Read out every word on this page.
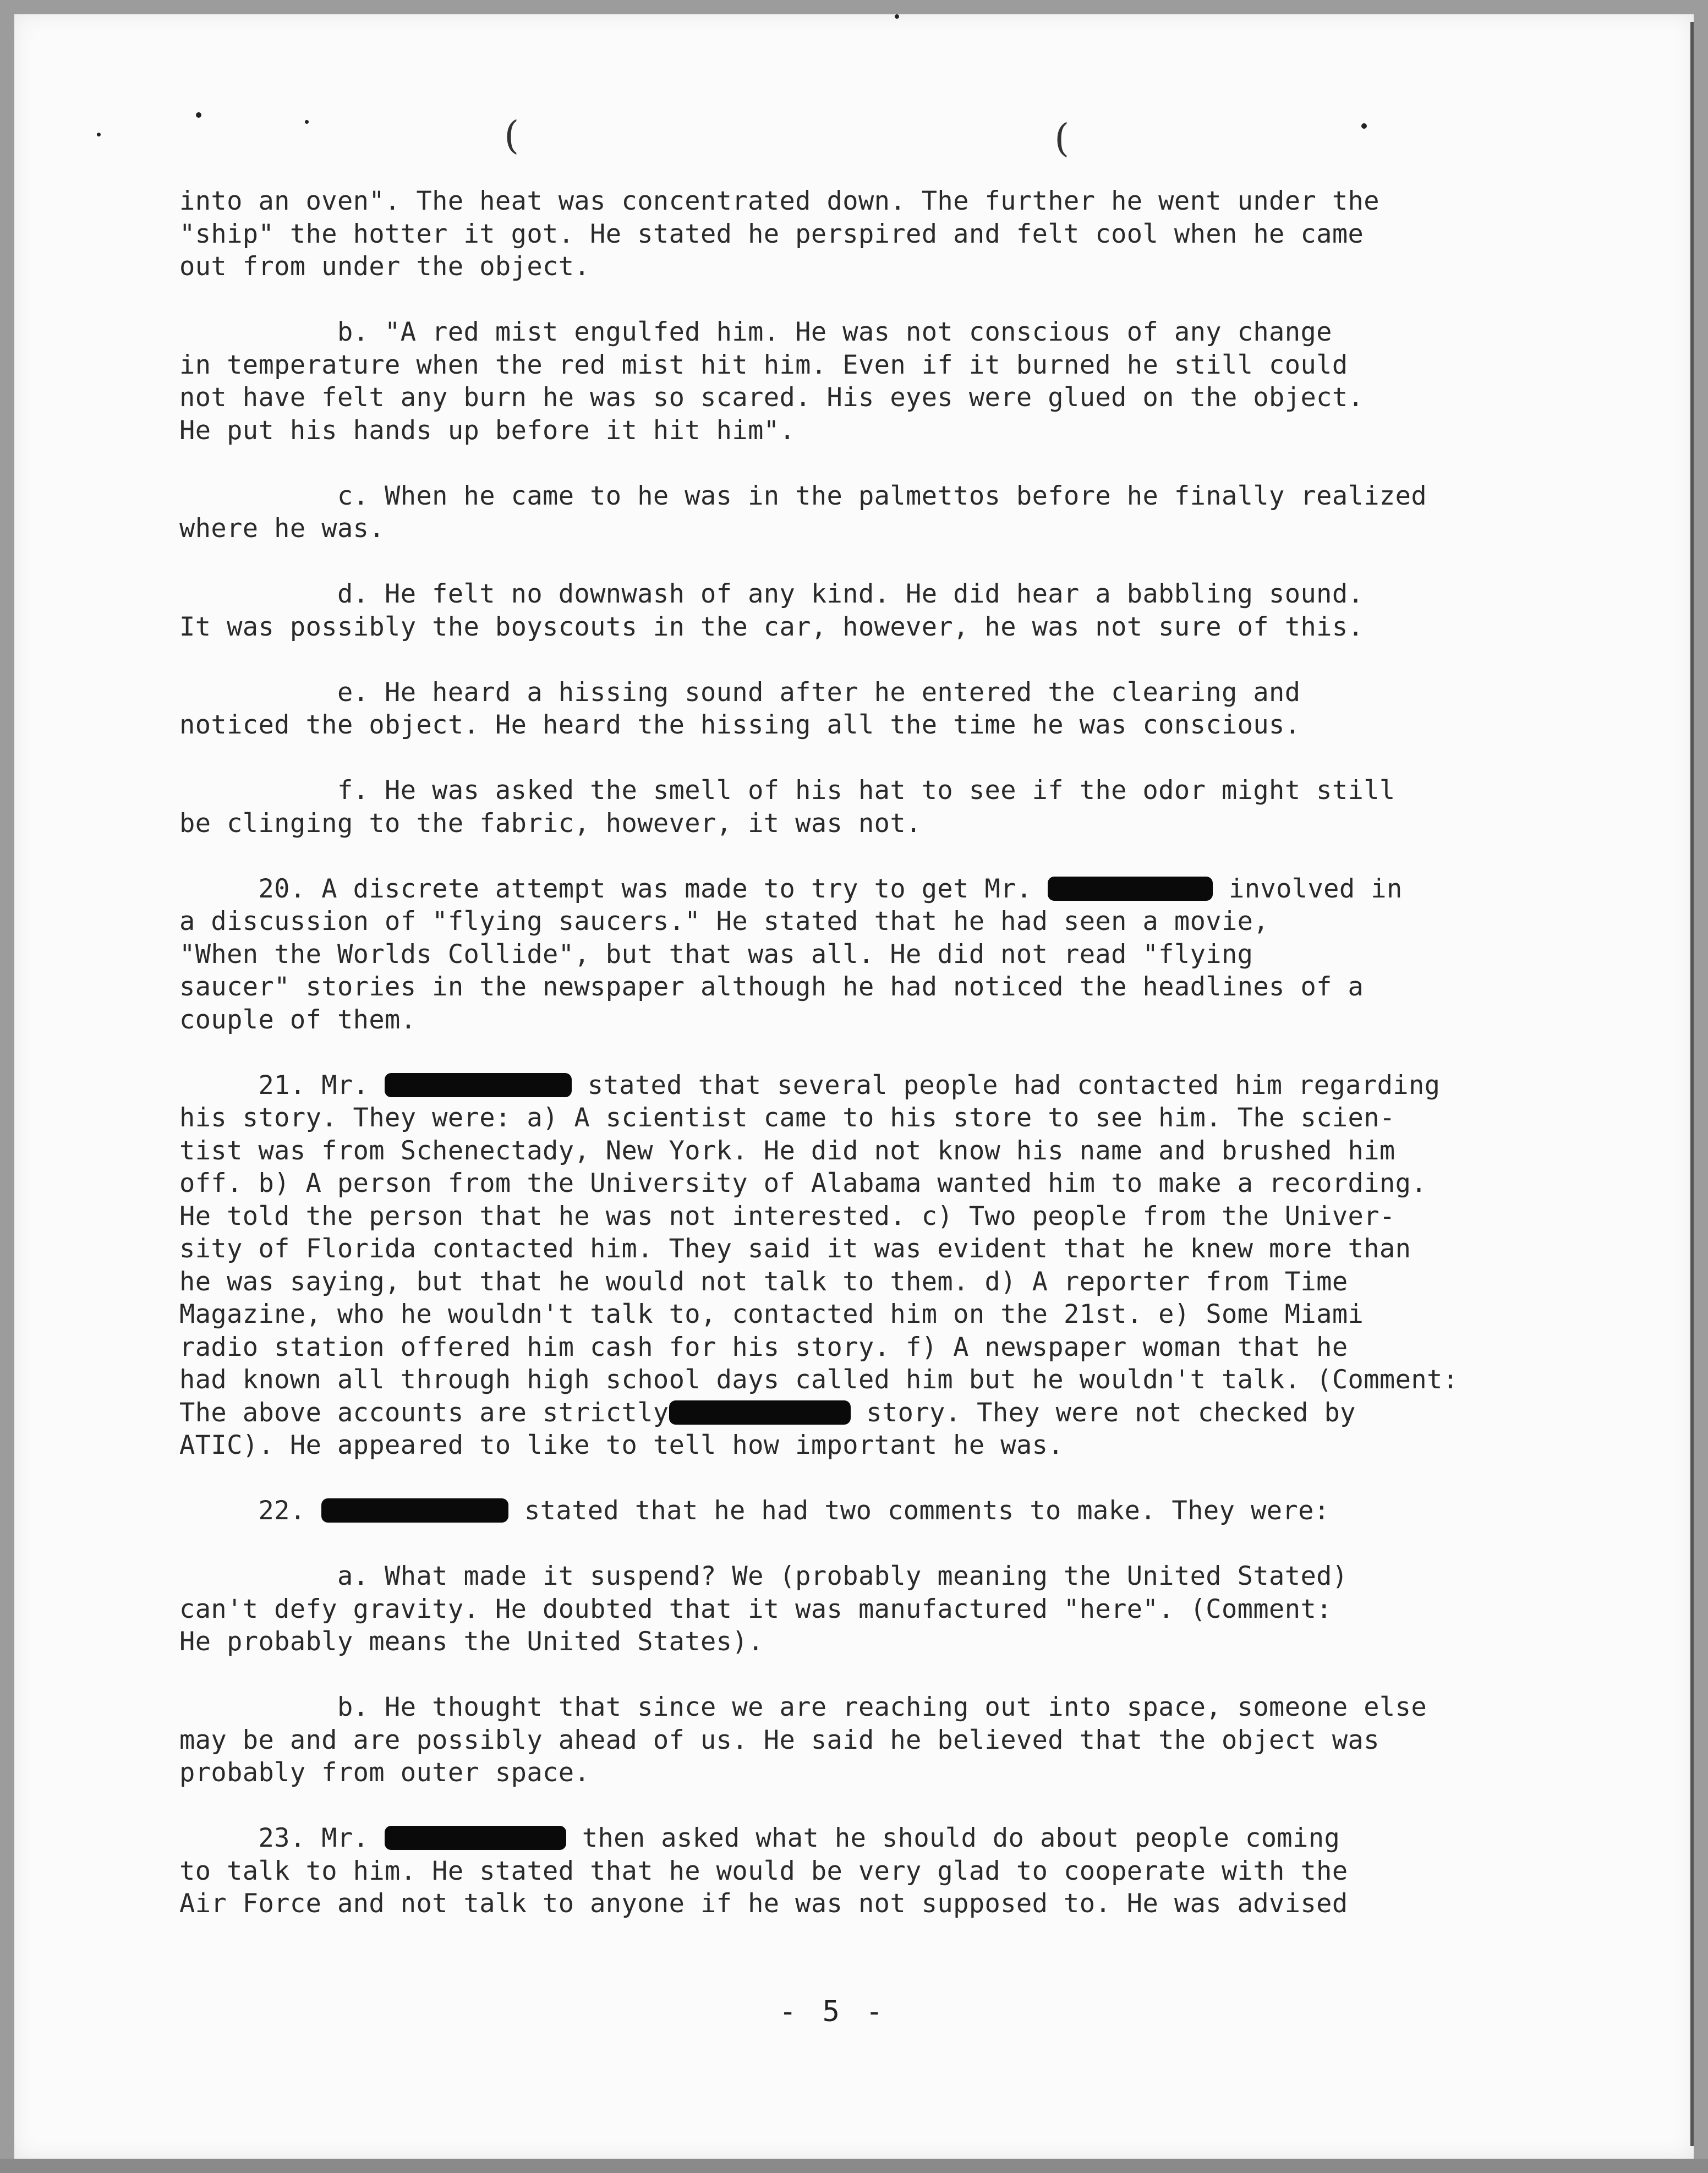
(	(
into an oven". The heat was concentrated down. The further he went under the
"ship" the hotter it got. He stated he perspired and felt cool when he came
out from under the object.
b. "A red mist engulfed him. He was not conscious of any change
in temperature when the red mist hit him. Even if it burned he still could
not have felt any burn he was so scared. His eyes were glued on the object.
He put his hands up before it hit him".
c. When he came to he was in the palmettos before he finally realized
where he was.
d. He felt no downwash of any kind. He did hear a babbling sound.
It was possibly the boyscouts in the car, however, he was not sure of this.
e. He heard a hissing sound after he entered the clearing and
noticed the object. He heard the hissing all the time he was conscious.
f. He was asked the smell of his hat to see if the odor might still
be clinging to the fabric, however, it was not.
20. A discrete attempt was made to try to get Mr.	involved in
a discussion of "flying saucers." He stated that he had seen a movie,
"When the Worlds Collide", but that was all. He did not read "flying
saucer" stories in the newspaper although he had noticed the headlines of a
couple of them.
21. Mr.	stated that several people had contacted him regarding
his story. They were: a) A scientist came to his store to see him. The scien-
tist was from Schenectady, New York. He did not know his name and brushed him
off. b) A person from the University of Alabama wanted him to make a recording.
He told the person that he was not interested. c) Two people from the Univer-
sity of Florida contacted him. They said it was evident that he knew more than
he was saying, but that he would not talk to them. d) A reporter from Time
Magazine, who he wouldn't talk to, contacted him on the 21st. e) Some Miami
radio station offered him cash for his story. f) A newspaper woman that he
had known all through high school days called him but he wouldn't talk. (Comment:
The above accounts are strictly	story. They were not checked by
ATIC). He appeared to like to tell how important he was.
22.	stated that he had two comments to make. They were:
a. What made it suspend? We (probably meaning the United Stated)
can't defy gravity. He doubted that it was manufactured "here". (Comment:
He probably means the United States).
b. He thought that since we are reaching out into space, someone else
may be and are possibly ahead of us. He said he believed that the object was
probably from outer space.
23. Mr.	then asked what he should do about people coming
to talk to him. He stated that he would be very glad to cooperate with the
Air Force and not talk to anyone if he was not supposed to. He was advised
- 5 -
